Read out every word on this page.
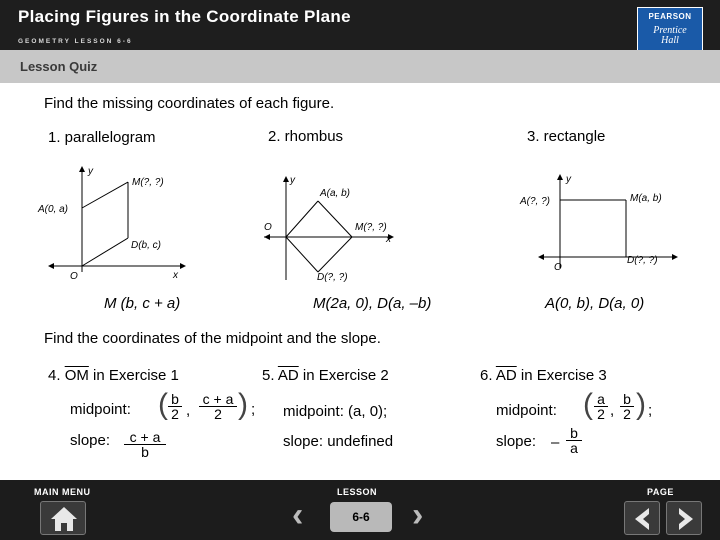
Placing Figures in the Coordinate Plane
GEOMETRY LESSON 6-6
PEARSON
Prentice
Hall
Lesson Quiz
Find the missing coordinates of each figure.
1. parallelogram	2. rhombus	3. rectangle
y
x
O
A(0, a)
M(?, ?)
D(b, c)
y
x
O
A(a, b)
M(?, ?)
D(?, ?)
y
O
A(?, ?)	M(a, b)
D(?, ?)
M (b, c + a)	M(2a, 0), D(a, –b)	A(0, b), D(a, 0)
Find the coordinates of the midpoint and the slope.
4. $\overline{OM}$ in Exercise 1
midpoint: ( $\frac{b}{2}$ , $\frac{c + a}{2}$ ) ;
slope: $\frac{c + a}{b}$
5. $\overline{AD}$ in Exercise 2
midpoint: (a, 0);
slope: undefined
6. $\overline{AD}$ in Exercise 3
midpoint: ( $\frac{a}{2}$ , $\frac{b}{2}$ ) ;
slope: – $\frac{b}{a}$
MAIN MENU	LESSON	PAGE
‹	6-6	›
